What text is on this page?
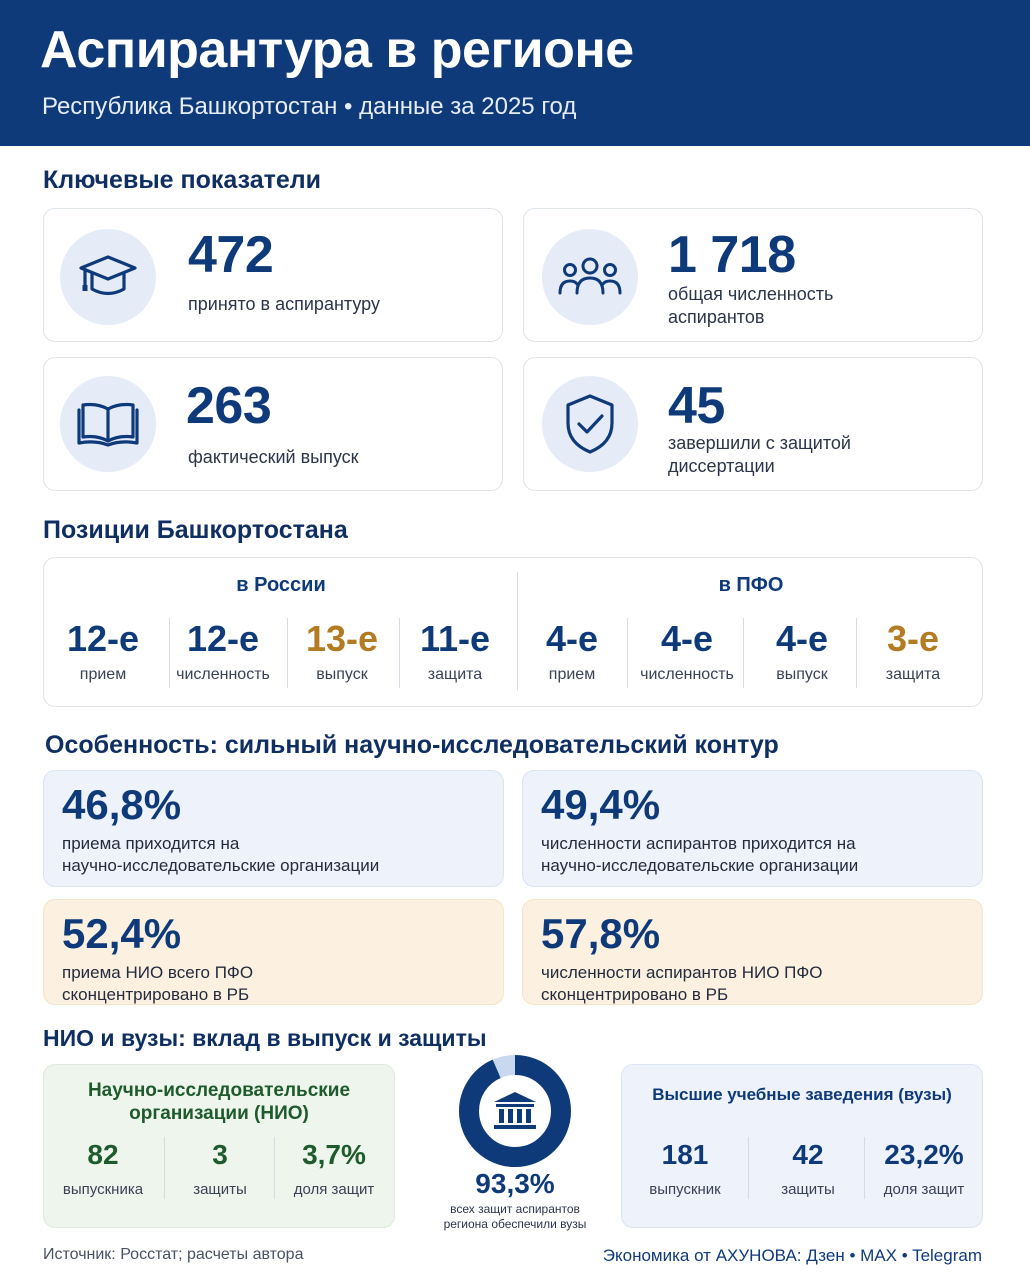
Аспирантура в регионе
Республика Башкортостан • данные за 2025 год
Ключевые показатели
472
принято в аспирантуру
1 718
общая численность
аспирантов
263
фактический выпуск
45
завершили с защитой
диссертации
Позиции Башкортостана
в России	в ПФО
12-е
прием
12-е
численность
13-е
выпуск
11-е
защита
4-е
прием
4-е
численность
4-е
выпуск
3-е
защита
Особенность: сильный научно-исследовательский контур
46,8%
приема приходится на
научно-исследовательские организации
49,4%
численности аспирантов приходится на
научно-исследовательские организации
52,4%
приема НИО всего ПФО
сконцентрировано в РБ
57,8%
численности аспирантов НИО ПФО
сконцентрировано в РБ
НИО и вузы: вклад в выпуск и защиты
Научно-исследовательские
организации (НИО)
82
выпускника
3
защиты
3,7%
доля защит	93,3%
всех защит аспирантов
региона обеспечили вузы
Высшие учебные заведения (вузы)
181
выпускник
42
защиты
23,2%
доля защит
Источник: Росстат; расчеты автора	Экономика от АХУНОВА: Дзен • MAX • Telegram
